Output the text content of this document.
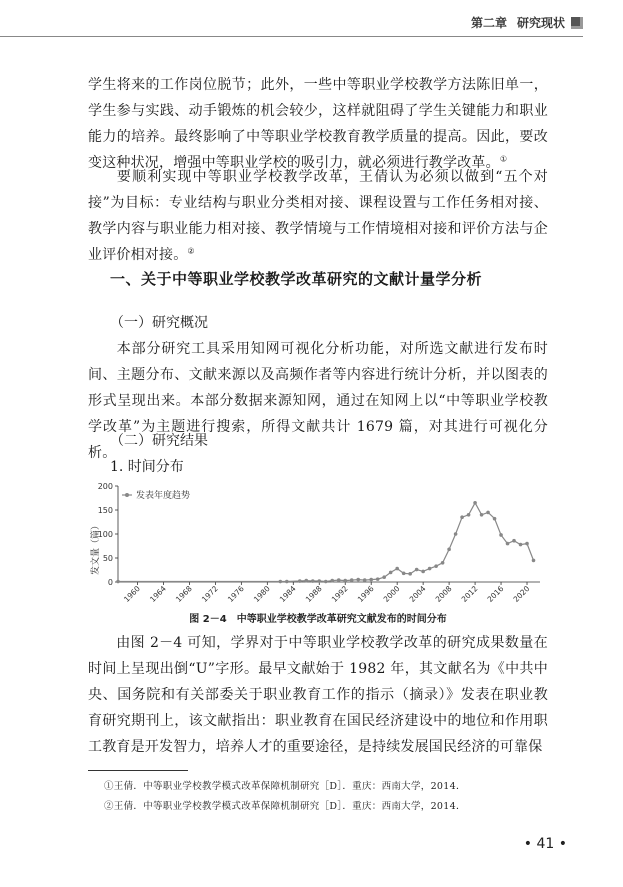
第二章 研究现状
学生将来的工作岗位脱节；此外，一些中等职业学校教学方法陈旧单一，学生参与实践、动手锻炼的机会较少，这样就阻碍了学生关键能力和职业能力的培养。最终影响了中等职业学校教育教学质量的提高。因此，要改变这种状况，增强中等职业学校的吸引力，就必须进行教学改革。①
要顺利实现中等职业学校教学改革，王倩认为必须以做到“五个对接”为目标：专业结构与职业分类相对接、课程设置与工作任务相对接、教学内容与职业能力相对接、教学情境与工作情境相对接和评价方法与企业评价相对接。②
一、关于中等职业学校教学改革研究的文献计量学分析
（一）研究概况
本部分研究工具采用知网可视化分析功能，对所选文献进行发布时间、主题分布、文献来源以及高频作者等内容进行统计分析，并以图表的形式呈现出来。本部分数据来源知网，通过在知网上以“中等职业学校教学改革”为主题进行搜索，所得文献共计 1679 篇，对其进行可视化分析。
（二）研究结果
1. 时间分布
发文量（篇）
0
50
100
150
200
1960 1964 1968 1972 1976 1980 1984 1988 1992 1996 2000 2004 2008 2012 2016 2020
发表年度趋势
图 2－4　中等职业学校教学改革研究文献发布的时间分布
由图 2－4 可知，学界对于中等职业学校教学改革的研究成果数量在时间上呈现出倒“U”字形。最早文献始于 1982 年，其文献名为《中共中央、国务院和有关部委关于职业教育工作的指示（摘录）》发表在职业教育研究期刊上，该文献指出：职业教育在国民经济建设中的地位和作用职工教育是开发智力，培养人才的重要途径，是持续发展国民经济的可靠保
①王倩．中等职业学校教学模式改革保障机制研究［D］．重庆：西南大学，2014．
②王倩．中等职业学校教学模式改革保障机制研究［D］．重庆：西南大学，2014．
• 41 •
